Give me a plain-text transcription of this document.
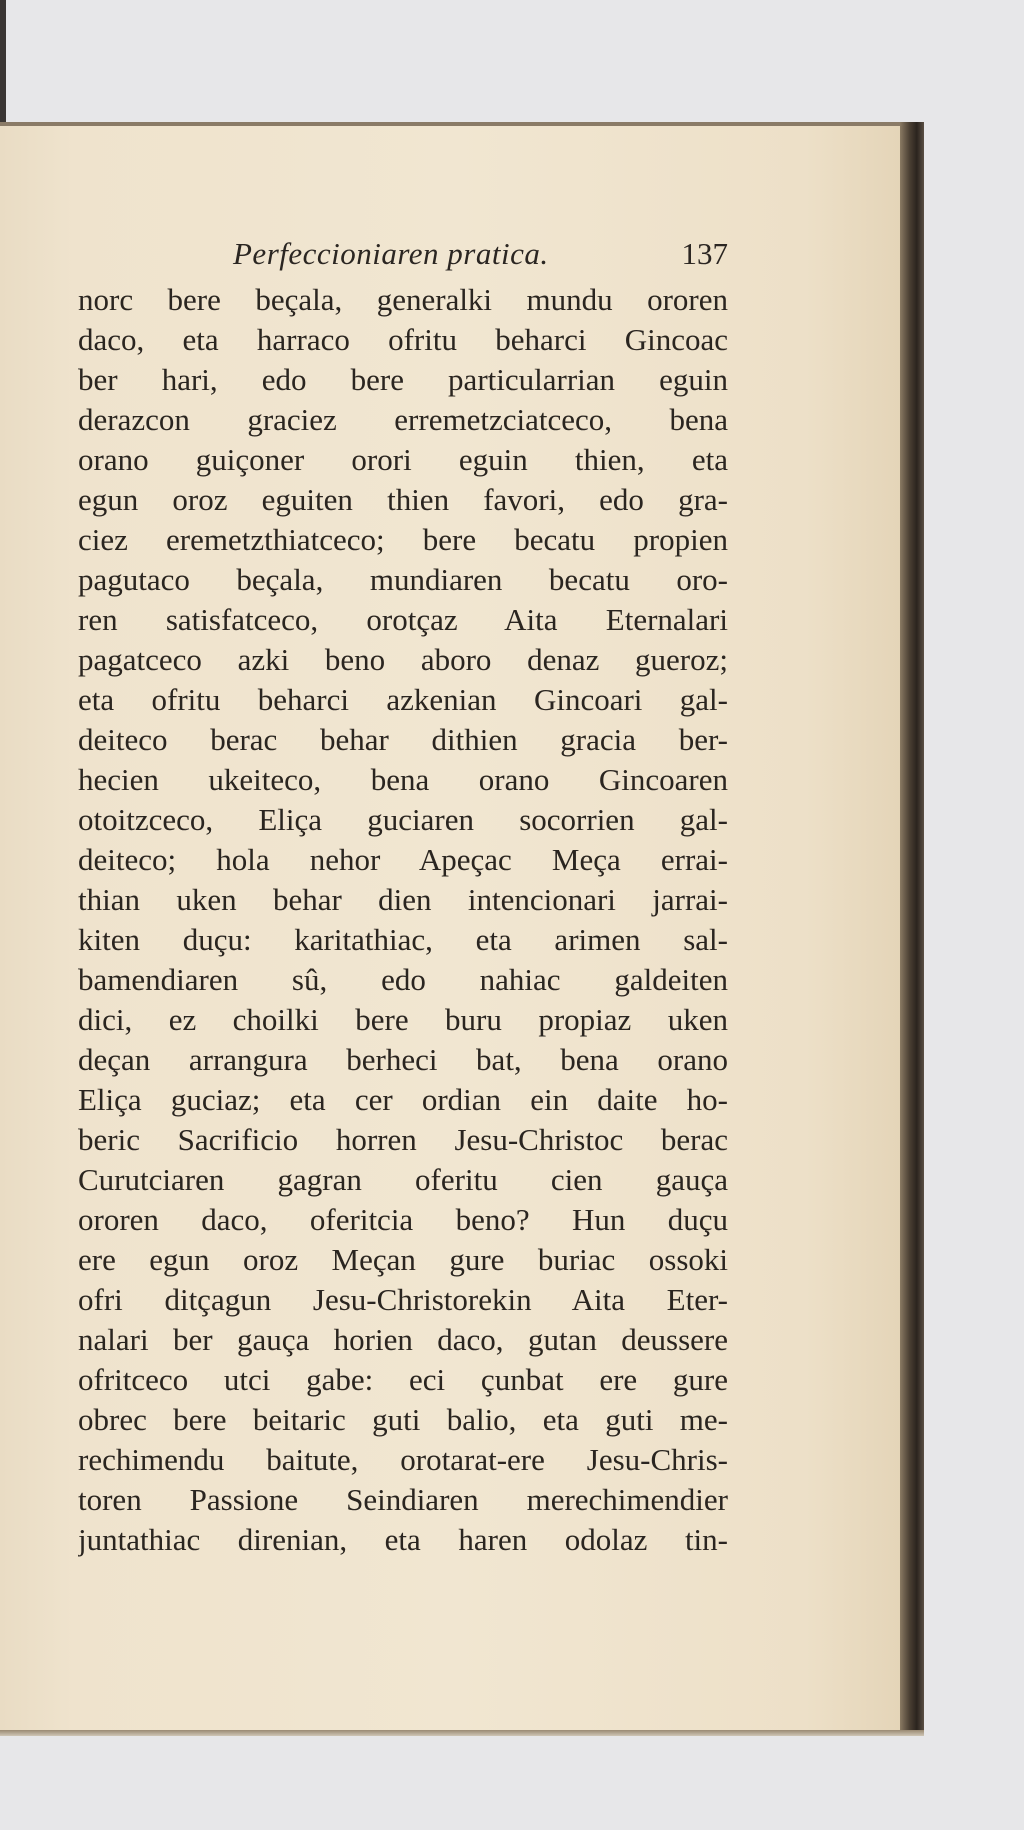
Perfeccioniaren pratica.	137
norc bere beçala, generalki mundu ororen
daco, eta harraco ofritu beharci Gincoac
ber hari, edo bere particularrian eguin
derazcon graciez erremetzciatceco, bena
orano guiçoner orori eguin thien, eta
egun oroz eguiten thien favori, edo gra-
ciez eremetzthiatceco; bere becatu propien
pagutaco beçala, mundiaren becatu oro-
ren satisfatceco, orotçaz Aita Eternalari
pagatceco azki beno aboro denaz gueroz;
eta ofritu beharci azkenian Gincoari gal-
deiteco berac behar dithien gracia ber-
hecien ukeiteco, bena orano Gincoaren
otoitzceco, Eliça guciaren socorrien gal-
deiteco; hola nehor Apeçac Meça errai-
thian uken behar dien intencionari jarrai-
kiten duçu: karitathiac, eta arimen sal-
bamendiaren sû, edo nahiac galdeiten
dici, ez choilki bere buru propiaz uken
deçan arrangura berheci bat, bena orano
Eliça guciaz; eta cer ordian ein daite ho-
beric Sacrificio horren Jesu-Christoc berac
Curutciaren gagran oferitu cien gauça
ororen daco, oferitcia beno? Hun duçu
ere egun oroz Meçan gure buriac ossoki
ofri ditçagun Jesu-Christorekin Aita Eter-
nalari ber gauça horien daco, gutan deussere
ofritceco utci gabe: eci çunbat ere gure
obrec bere beitaric guti balio, eta guti me-
rechimendu baitute, orotarat-ere Jesu-Chris-
toren Passione Seindiaren merechimendier
juntathiac direnian, eta haren odolaz tin-
